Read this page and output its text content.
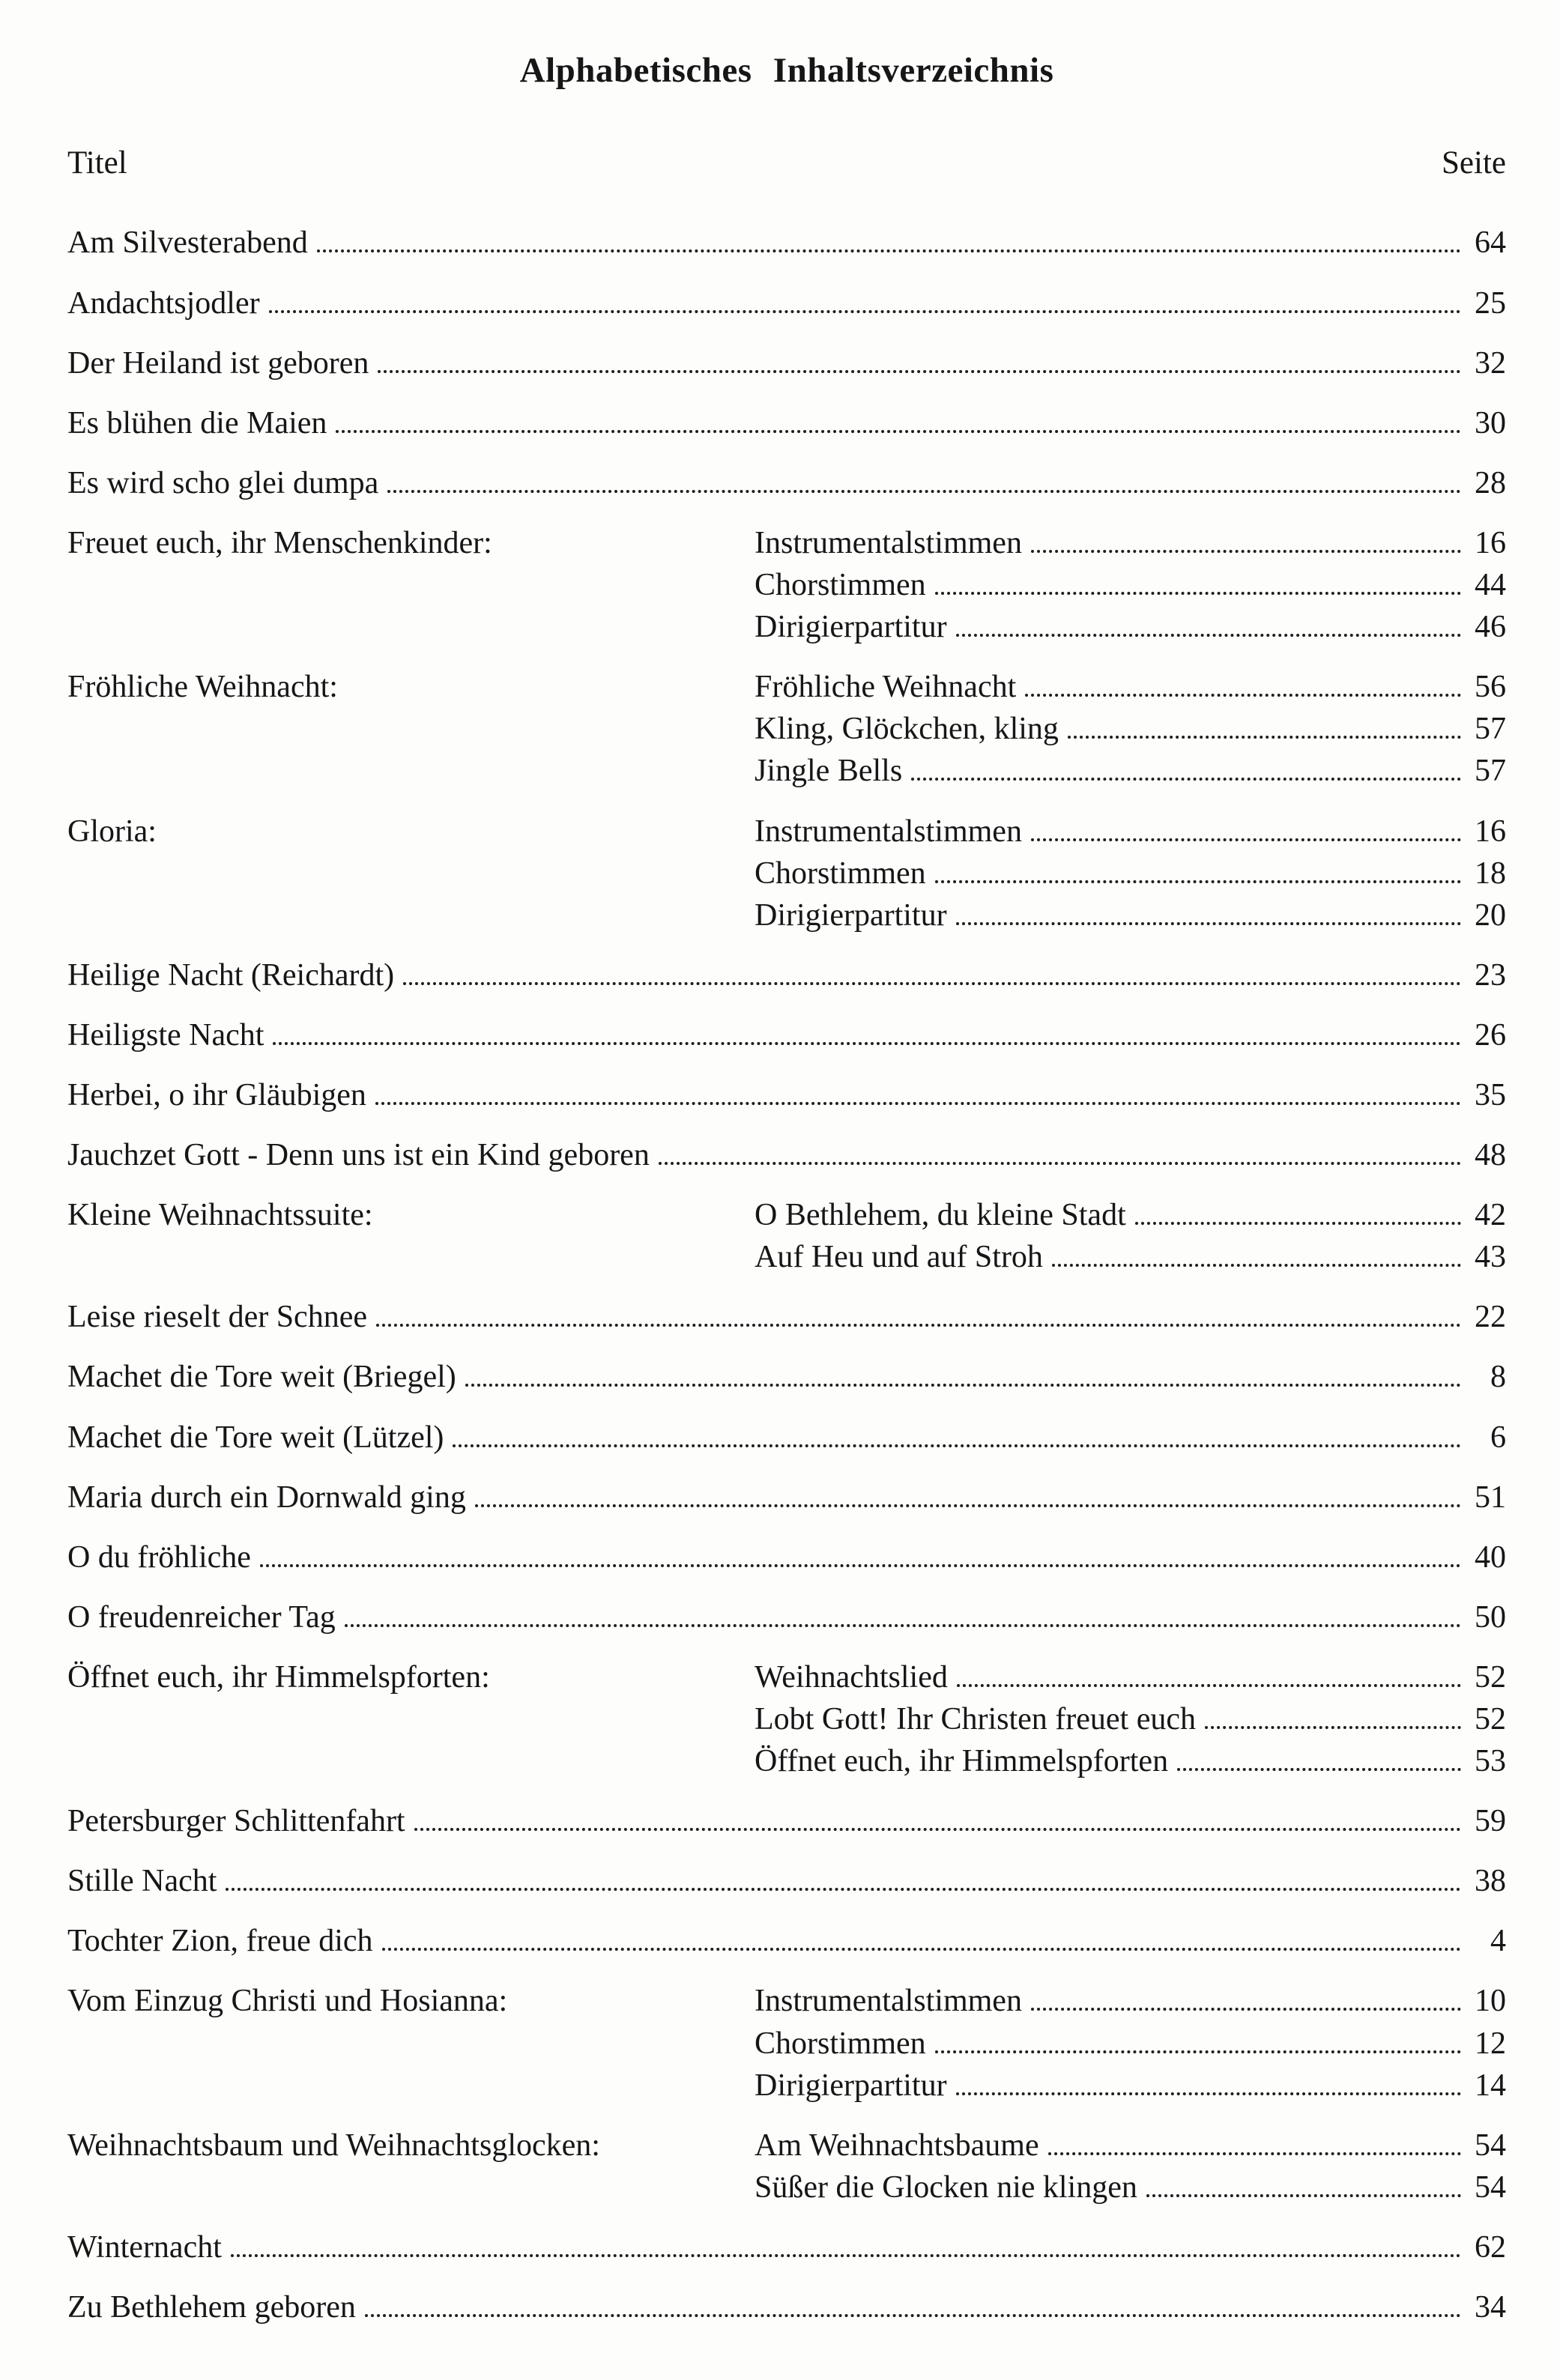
Alphabetisches Inhaltsverzeichnis
Titel	Seite
Am Silvesterabend	64
Andachtsjodler	25
Der Heiland ist geboren	32
Es blühen die Maien	30
Es wird scho glei dumpa	28
Freuet euch, ihr Menschenkinder:	Instrumentalstimmen	16
Chorstimmen	44
Dirigierpartitur	46
Fröhliche Weihnacht:	Fröhliche Weihnacht	56
Kling, Glöckchen, kling	57
Jingle Bells	57
Gloria:	Instrumentalstimmen	16
Chorstimmen	18
Dirigierpartitur	20
Heilige Nacht (Reichardt)	23
Heiligste Nacht	26
Herbei, o ihr Gläubigen	35
Jauchzet Gott - Denn uns ist ein Kind geboren	48
Kleine Weihnachtssuite:	O Bethlehem, du kleine Stadt	42
Auf Heu und auf Stroh	43
Leise rieselt der Schnee	22
Machet die Tore weit (Briegel)	8
Machet die Tore weit (Lützel)	6
Maria durch ein Dornwald ging	51
O du fröhliche	40
O freudenreicher Tag	50
Öffnet euch, ihr Himmelspforten:	Weihnachtslied	52
Lobt Gott! Ihr Christen freuet euch	52
Öffnet euch, ihr Himmelspforten	53
Petersburger Schlittenfahrt	59
Stille Nacht	38
Tochter Zion, freue dich	4
Vom Einzug Christi und Hosianna:	Instrumentalstimmen	10
Chorstimmen	12
Dirigierpartitur	14
Weihnachtsbaum und Weihnachtsglocken:	Am Weihnachtsbaume	54
Süßer die Glocken nie klingen	54
Winternacht	62
Zu Bethlehem geboren	34
